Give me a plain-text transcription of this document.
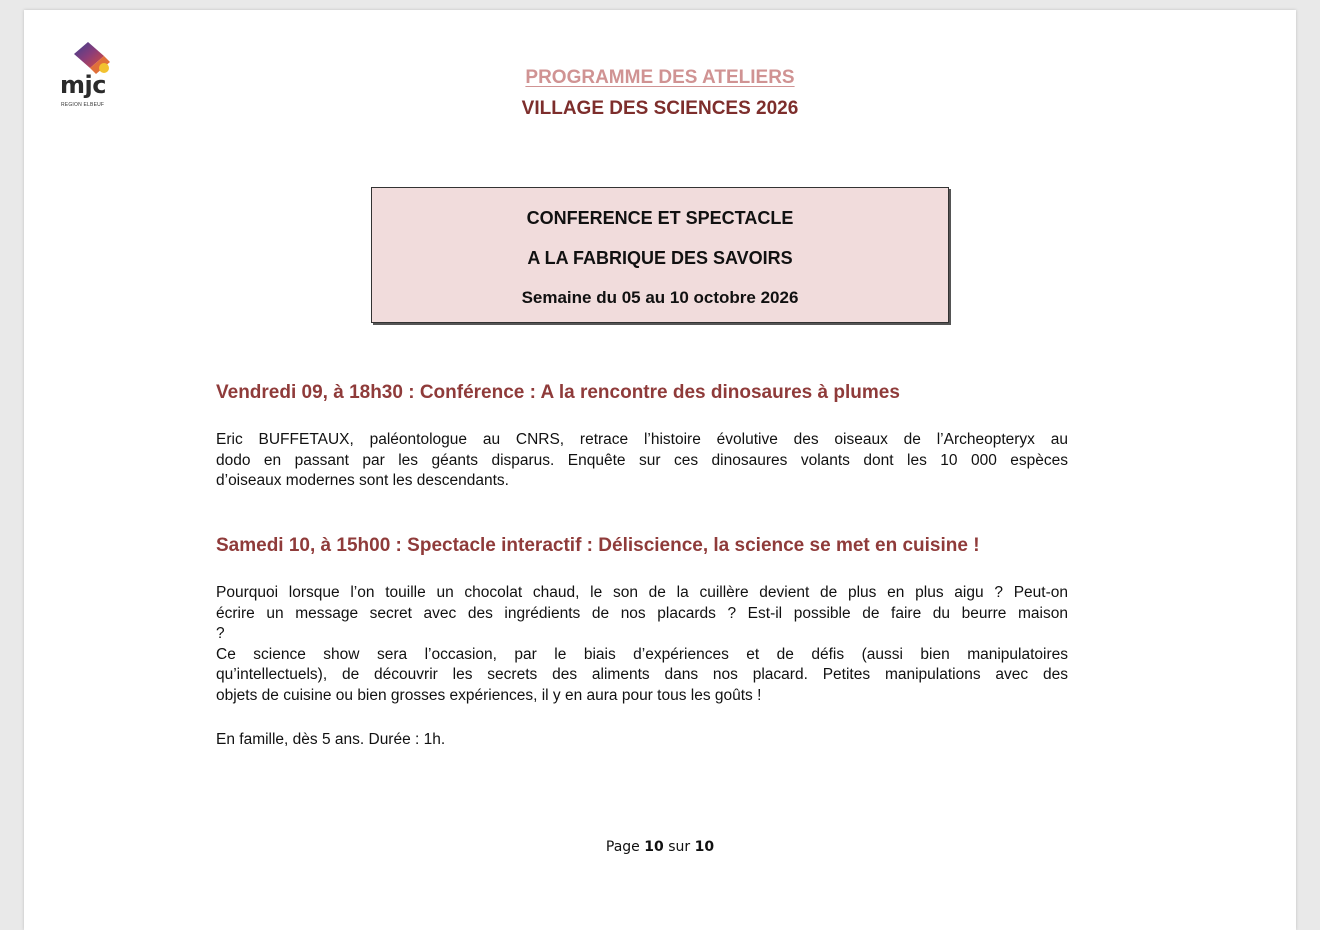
mjc
REGION ELBEUF
PROGRAMME DES ATELIERS
VILLAGE DES SCIENCES 2026
CONFERENCE ET SPECTACLE
A LA FABRIQUE DES SAVOIRS
Semaine du 05 au 10 octobre 2026
Vendredi 09, à 18h30 : Conférence : A la rencontre des dinosaures à plumes
Eric BUFFETAUX, paléontologue au CNRS, retrace l’histoire évolutive des oiseaux de l’Archeopteryx au
dodo en passant par les géants disparus. Enquête sur ces dinosaures volants dont les 10 000 espèces
d’oiseaux modernes sont les descendants.
Samedi 10, à 15h00 : Spectacle interactif : Déliscience, la science se met en cuisine !
Pourquoi lorsque l’on touille un chocolat chaud, le son de la cuillère devient de plus en plus aigu ? Peut-on
écrire un message secret avec des ingrédients de nos placards ? Est-il possible de faire du beurre maison
?
Ce science show sera l’occasion, par le biais d’expériences et de défis (aussi bien manipulatoires
qu’intellectuels), de découvrir les secrets des aliments dans nos placard. Petites manipulations avec des
objets de cuisine ou bien grosses expériences, il y en aura pour tous les goûts !
En famille, dès 5 ans. Durée : 1h.
Page 10 sur 10
